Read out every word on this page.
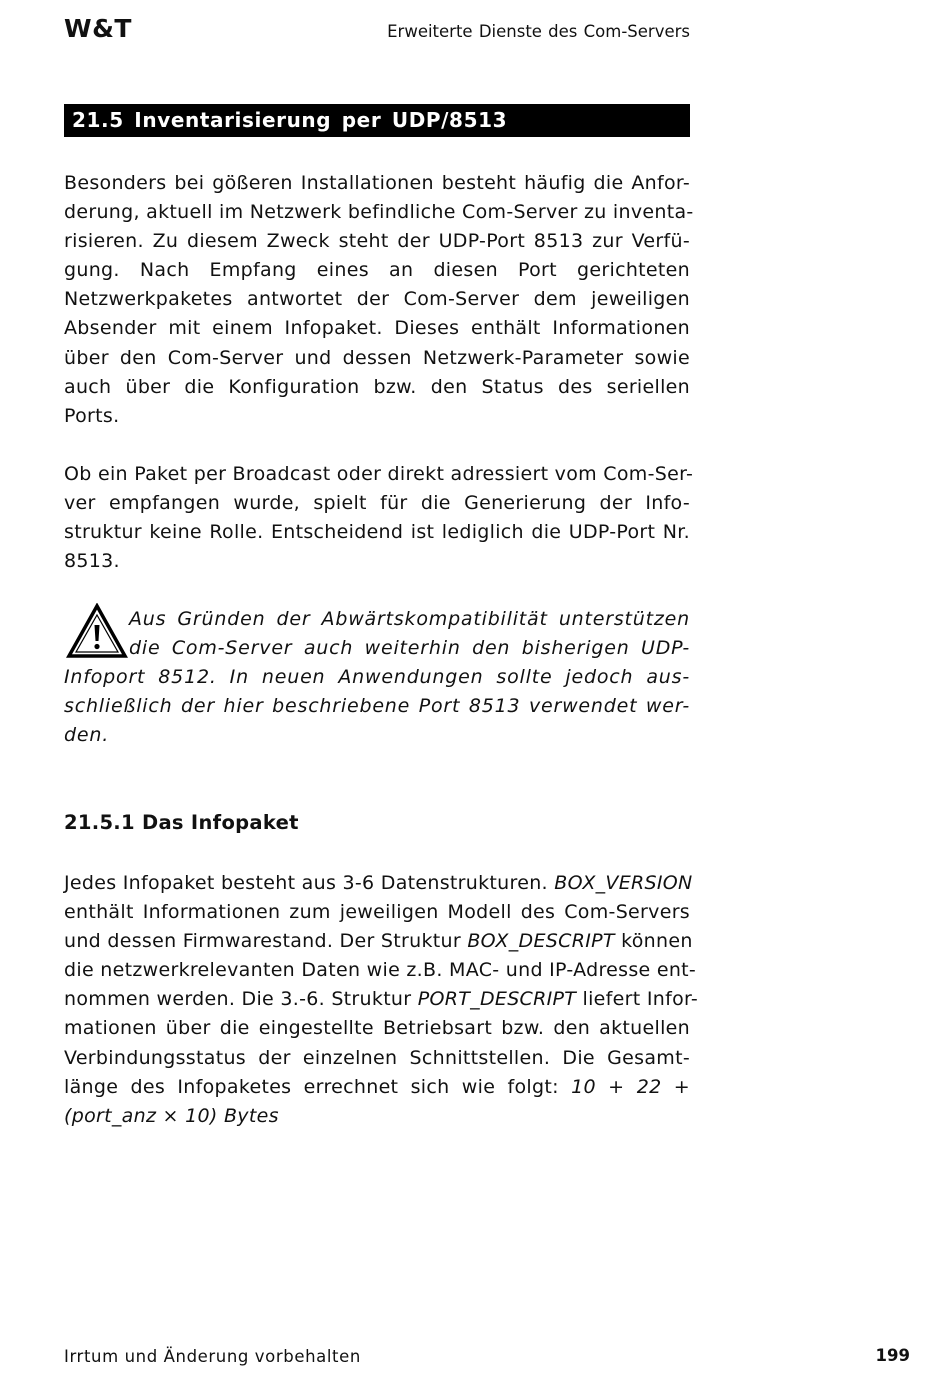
W&T	Erweiterte Dienste des Com-Servers
21.5 Inventarisierung per UDP/8513
Besonders bei gößeren Installationen besteht häufig die Anfor-
derung, aktuell im Netzwerk befindliche Com-Server zu inventa-
risieren. Zu diesem Zweck steht der UDP-Port 8513 zur Verfü-
gung. Nach Empfang eines an diesen Port gerichteten
Netzwerkpaketes antwortet der Com-Server dem jeweiligen
Absender mit einem Infopaket. Dieses enthält Informationen
über den Com-Server und dessen Netzwerk-Parameter sowie
auch über die Konfiguration bzw. den Status des seriellen
Ports.
Ob ein Paket per Broadcast oder direkt adressiert vom Com-Ser-
ver empfangen wurde, spielt für die Generierung der Info-
struktur keine Rolle. Entscheidend ist lediglich die UDP-Port Nr.
8513.
Aus Gründen der Abwärtskompatibilität unterstützen
die Com-Server auch weiterhin den bisherigen UDP-
Infoport 8512. In neuen Anwendungen sollte jedoch aus-
schließlich der hier beschriebene Port 8513 verwendet wer-
den.
21.5.1 Das Infopaket
Jedes Infopaket besteht aus 3-6 Datenstrukturen. BOX_VERSION
enthält Informationen zum jeweiligen Modell des Com-Servers
und dessen Firmwarestand. Der Struktur BOX_DESCRIPT können
die netzwerkrelevanten Daten wie z.B. MAC- und IP-Adresse ent-
nommen werden. Die 3.-6. Struktur PORT_DESCRIPT liefert Infor-
mationen über die eingestellte Betriebsart bzw. den aktuellen
Verbindungsstatus der einzelnen Schnittstellen. Die Gesamt-
länge des Infopaketes errechnet sich wie folgt: 10 + 22 +
(port_anz × 10) Bytes
Irrtum und Änderung vorbehalten	199
